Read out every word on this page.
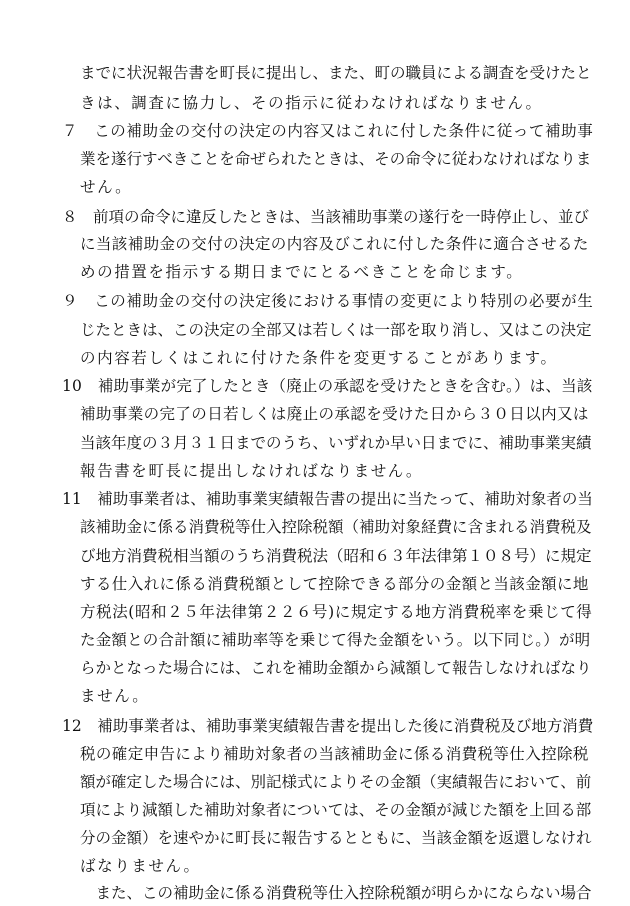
までに状況報告書を町長に提出し、また、町の職員による調査を受けたと
きは、調査に協力し、その指示に従わなければなりません。
７　この補助金の交付の決定の内容又はこれに付した条件に従って補助事
業を遂行すべきことを命ぜられたときは、その命令に従わなければなりま
せん。
８　前項の命令に違反したときは、当該補助事業の遂行を一時停止し、並び
に当該補助金の交付の決定の内容及びこれに付した条件に適合させるた
めの措置を指示する期日までにとるべきことを命じます。
９　この補助金の交付の決定後における事情の変更により特別の必要が生
じたときは、この決定の全部又は若しくは一部を取り消し、又はこの決定
の内容若しくはこれに付けた条件を変更することがあります。
10　補助事業が完了したとき（廃止の承認を受けたときを含む。）は、当該
補助事業の完了の日若しくは廃止の承認を受けた日から３０日以内又は
当該年度の３月３１日までのうち、いずれか早い日までに、補助事業実績
報告書を町長に提出しなければなりません。
11　補助事業者は、補助事業実績報告書の提出に当たって、補助対象者の当
該補助金に係る消費税等仕入控除税額（補助対象経費に含まれる消費税及
び地方消費税相当額のうち消費税法（昭和６３年法律第１０８号）に規定
する仕入れに係る消費税額として控除できる部分の金額と当該金額に地
方税法(昭和２５年法律第２２６号)に規定する地方消費税率を乗じて得
た金額との合計額に補助率等を乗じて得た金額をいう。以下同じ。）が明
らかとなった場合には、これを補助金額から減額して報告しなければなり
ません。
12　補助事業者は、補助事業実績報告書を提出した後に消費税及び地方消費
税の確定申告により補助対象者の当該補助金に係る消費税等仕入控除税
額が確定した場合には、別記様式によりその金額（実績報告において、前
項により減額した補助対象者については、その金額が減じた額を上回る部
分の金額）を速やかに町長に報告するとともに、当該金額を返還しなけれ
ばなりません。
　また、この補助金に係る消費税等仕入控除税額が明らかにならない場合
